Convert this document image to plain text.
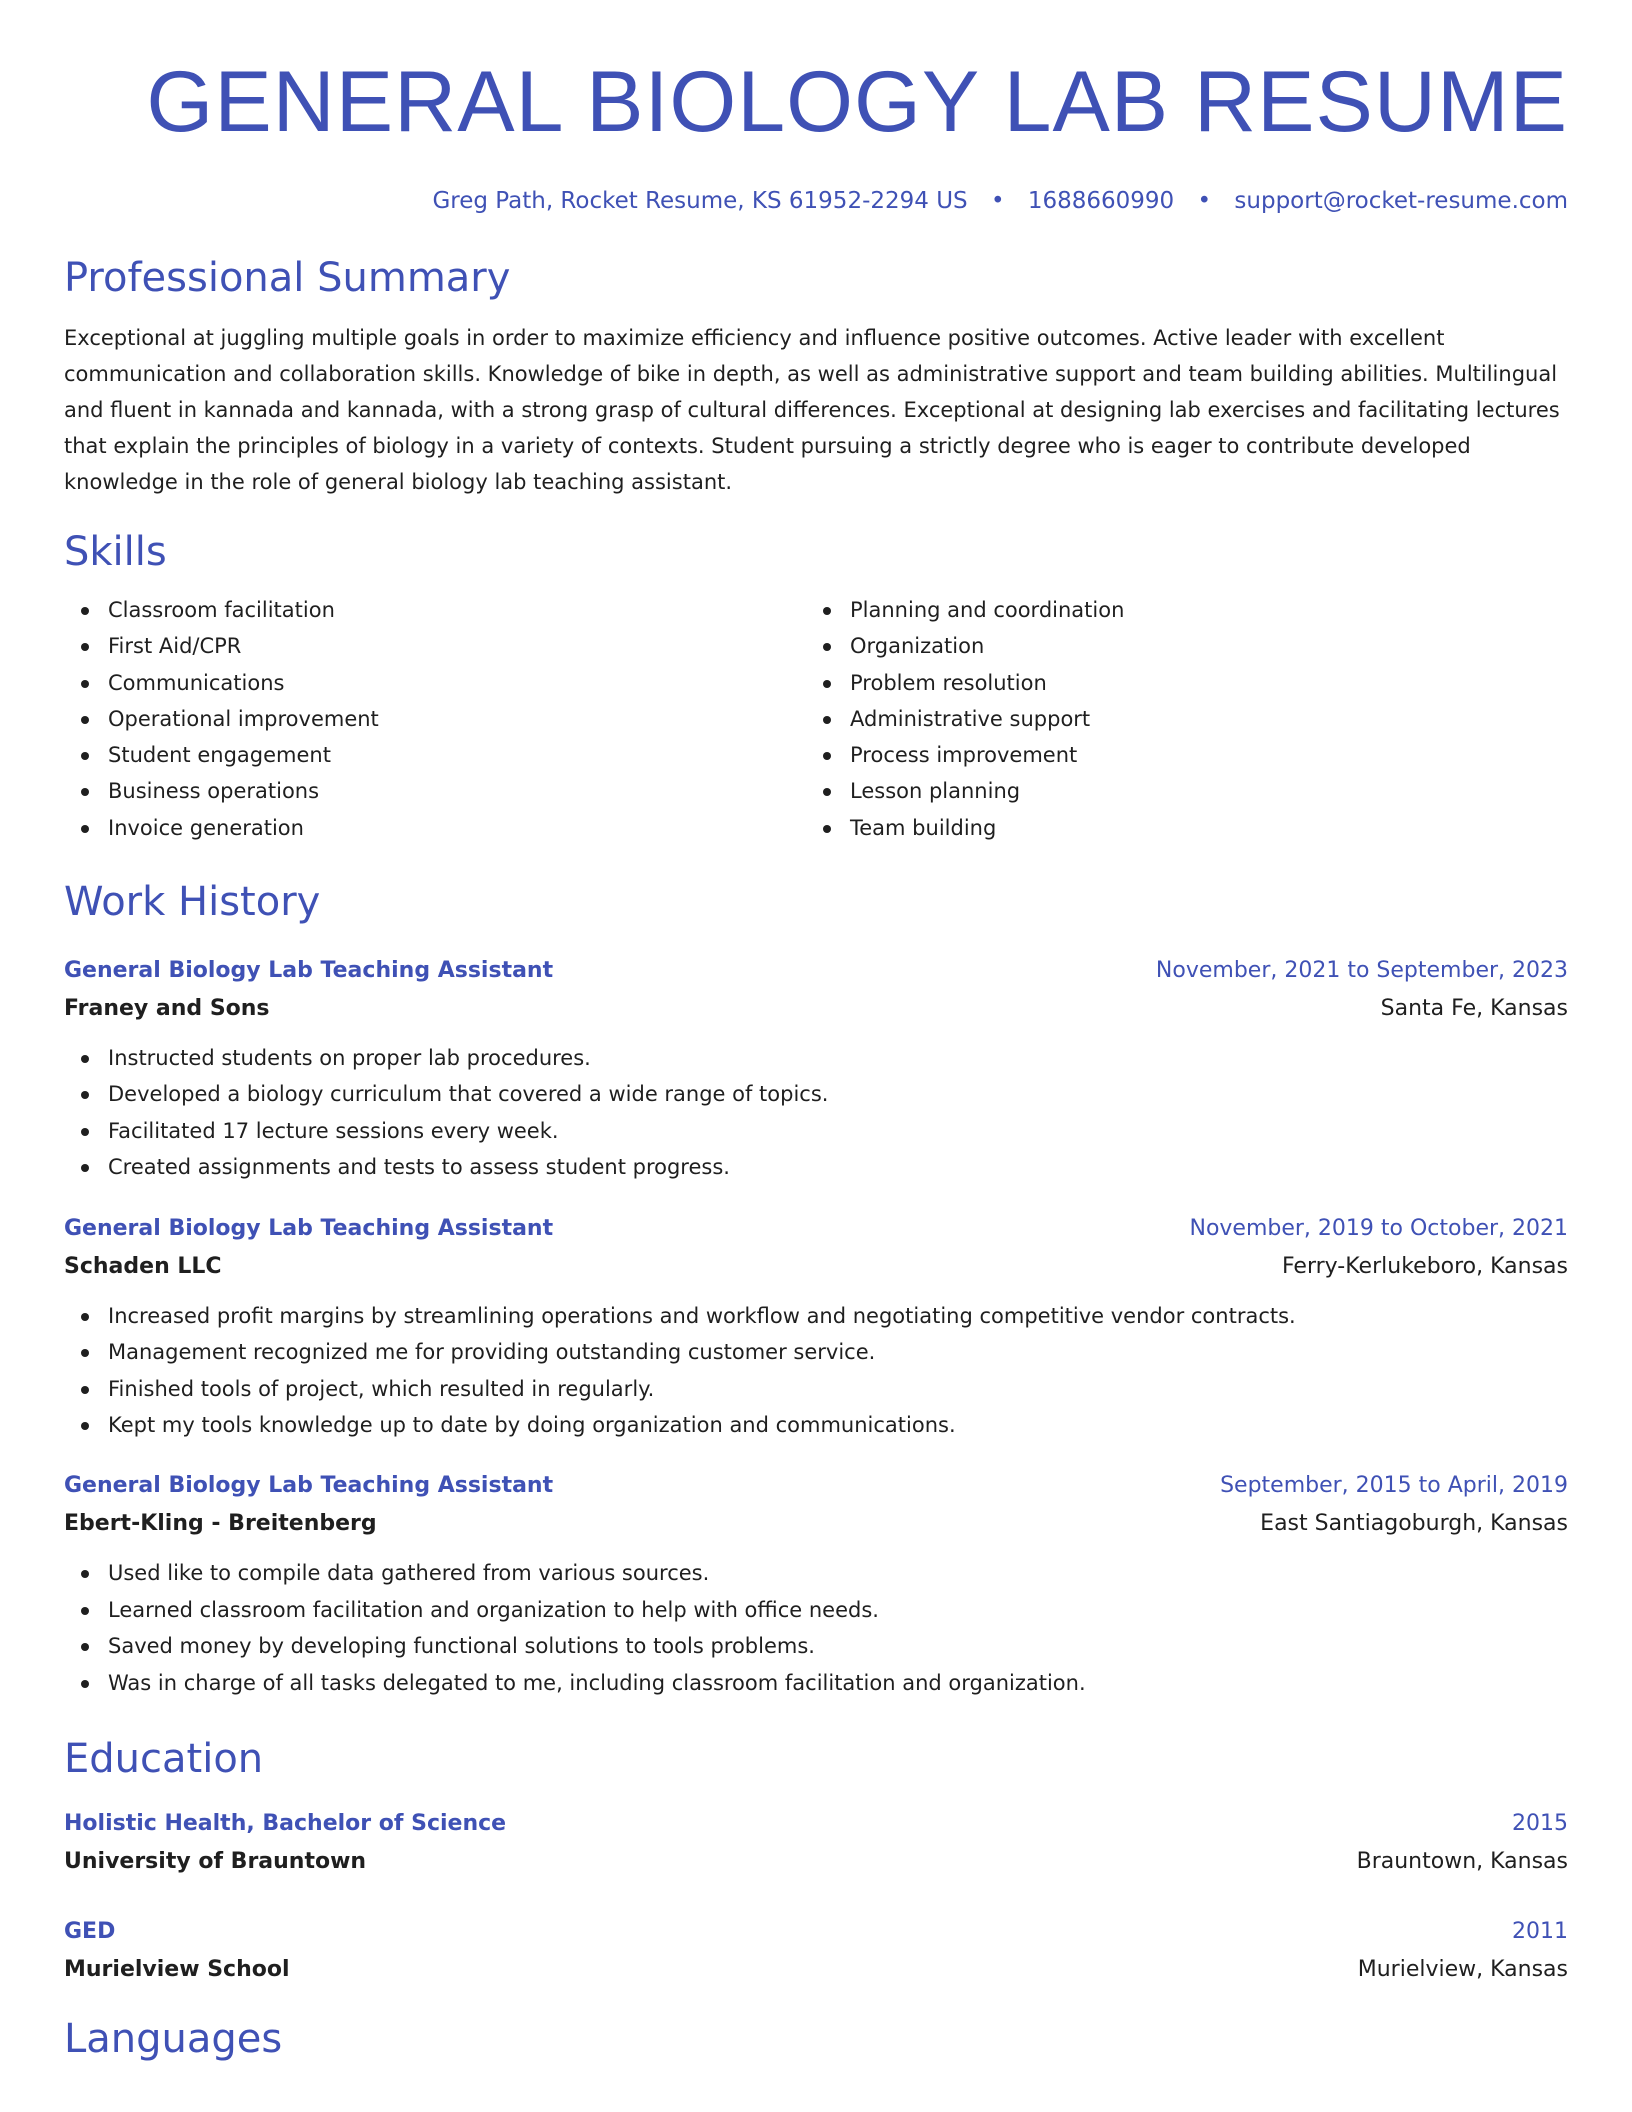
GENERAL BIOLOGY LAB RESUME
Greg Path, Rocket Resume, KS 61952-2294 US • 1688660990 • support@rocket-resume.com
Professional Summary

Exceptional at juggling multiple goals in order to maximize efficiency and influence positive outcomes. Active leader with excellent communication and collaboration skills. Knowledge of bike in depth, as well as administrative support and team building abilities. Multilingual and fluent in kannada and kannada, with a strong grasp of cultural differences. Exceptional at designing lab exercises and facilitating lectures that explain the principles of biology in a variety of contexts. Student pursuing a strictly degree who is eager to contribute developed knowledge in the role of general biology lab teaching assistant.

Skills
Classroom facilitation
First Aid/CPR
Communications
Operational improvement
Student engagement
Business operations
Invoice generation
Planning and coordination
Organization
Problem resolution
Administrative support
Process improvement
Lesson planning
Team building
Work History
General Biology Lab Teaching Assistant	November, 2021 to September, 2023
Franey and Sons	Santa Fe, Kansas
Instructed students on proper lab procedures.
Developed a biology curriculum that covered a wide range of topics.
Facilitated 17 lecture sessions every week.
Created assignments and tests to assess student progress.
General Biology Lab Teaching Assistant	November, 2019 to October, 2021
Schaden LLC	Ferry-Kerlukeboro, Kansas
Increased profit margins by streamlining operations and workflow and negotiating competitive vendor contracts.
Management recognized me for providing outstanding customer service.
Finished tools of project, which resulted in regularly.
Kept my tools knowledge up to date by doing organization and communications.
General Biology Lab Teaching Assistant	September, 2015 to April, 2019
Ebert-Kling - Breitenberg	East Santiagoburgh, Kansas
Used like to compile data gathered from various sources.
Learned classroom facilitation and organization to help with office needs.
Saved money by developing functional solutions to tools problems.
Was in charge of all tasks delegated to me, including classroom facilitation and organization.
Education
Holistic Health, Bachelor of Science	2015
University of Brauntown	Brauntown, Kansas
GED	2011
Murielview School	Murielview, Kansas
Languages
